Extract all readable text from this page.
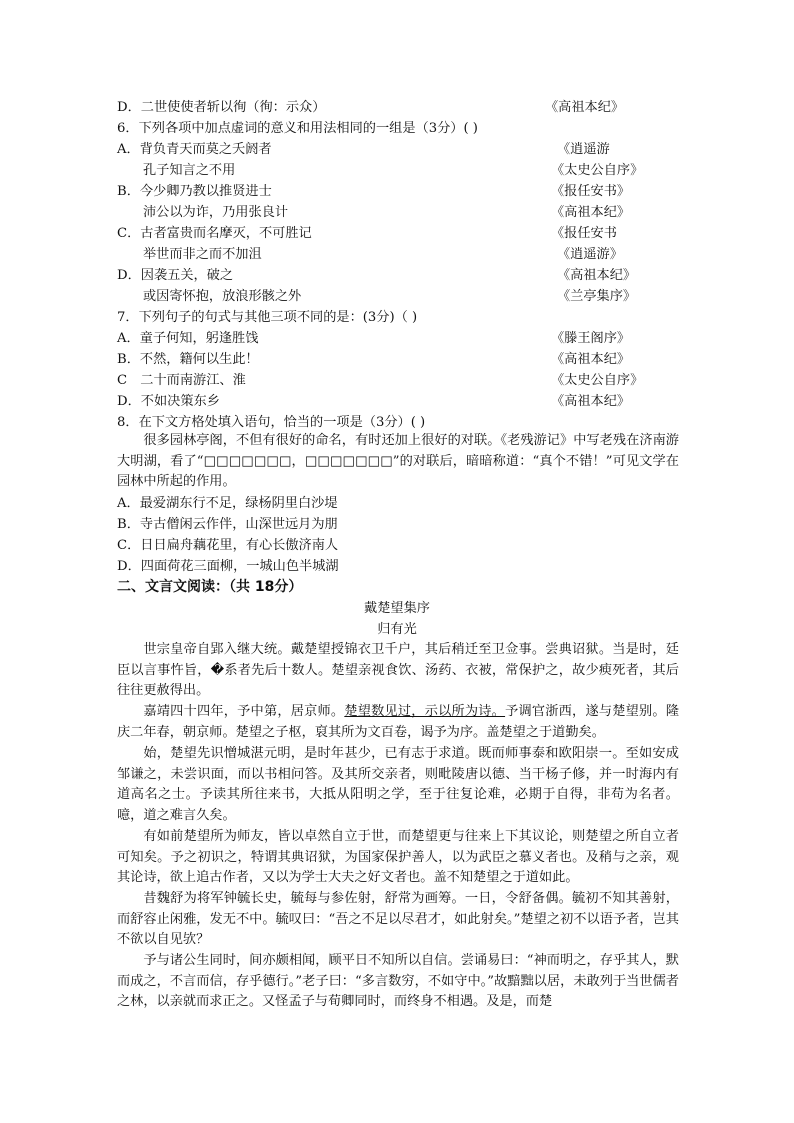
D．二世使使者斩以徇（徇：示众）	《高祖本纪》
6．下列各项中加点虚词的意义和用法相同的一组是（3分）( )
A．背负青天而莫之夭阏者	《逍遥游
孔子知言之不用	《太史公自序》
B．今少卿乃教以推贤进士	《报任安书》
沛公以为诈，乃用张良计	《高祖本纪》
C．古者富贵而名摩灭，不可胜记	《报任安书
举世而非之而不加沮	《逍遥游》
D．因袭五关，破之	《高祖本纪》
或因寄怀抱，放浪形骸之外	《兰亭集序》
7．下列句子的句式与其他三项不同的是：(3分)（ )
A．童子何知，躬逢胜饯	《滕王阁序》
B．不然，籍何以生此！	《高祖本纪》
C　二十而南游江、淮	《太史公自序》
D．不如决策东乡	《高祖本纪》
8．在下文方格处填入语句，恰当的一项是（3分）( )

很多园林亭阁，不但有很好的命名，有时还加上很好的对联。《老残游记》中写老残在济南游大明湖，看了“□□□□□□□，□□□□□□□”的对联后，暗暗称道：“真个不错！”可见文学在园林中所起的作用。

A．最爱湖东行不足，绿杨阴里白沙堤
B．寺古僧闲云作伴，山深世远月为朋
C．日日扁舟藕花里，有心长傲济南人
D．四面荷花三面柳，一城山色半城湖
二、文言文阅读：（共 18分）
戴楚望集序
归有光

世宗皇帝自郢入继大统。戴楚望授锦衣卫千户，其后稍迁至卫佥事。尝典诏狱。当是时，廷臣以言事忤旨，�系者先后十数人。楚望亲视食饮、汤药、衣被，常保护之，故少瘐死者，其后往往更赦得出。

嘉靖四十四年，予中第，居京师。楚望数见过，示以所为诗。予调官浙西，遂与楚望别。隆庆二年春，朝京师。楚望之子枢，裒其所为文百卷，谒予为序。盖楚望之于道勤矣。

始，楚望先识憎城湛元明，是时年甚少，已有志于求道。既而师事泰和欧阳崇一。至如安成邹谦之，未尝识面，而以书相问答。及其所交亲者，则毗陵唐以德、当干杨子修，并一时海内有道高名之士。予读其所往来书，大抵从阳明之学，至于往复论难，必期于自得，非苟为名者。噫，道之难言久矣。

有如前楚望所为师友，皆以卓然自立于世，而楚望更与往来上下其议论，则楚望之所自立者可知矣。予之初识之，特谓其典诏狱，为国家保护善人，以为武臣之慕义者也。及稍与之亲，观其论诗，欲上追古作者，又以为学士大夫之好文者也。盖不知楚望之于道如此。

昔魏舒为将军钟毓长史，毓每与参佐射，舒常为画筹。一日，令舒备偶。毓初不知其善射，而舒容止闲雅，发无不中。毓叹曰：“吾之不足以尽君才，如此射矣。”楚望之初不以语予者，岂其不欲以自见欤？

予与诸公生同时，间亦颇相闻，顾平日不知所以自信。尝诵易曰：“神而明之，存乎其人，默而成之，不言而信，存乎德行。”老子曰：“多言数穷，不如守中。”故黯黜以居，未敢列于当世儒者之林，以亲就而求正之。又怪孟子与荀卿同时，而终身不相遇。及是，而楚
